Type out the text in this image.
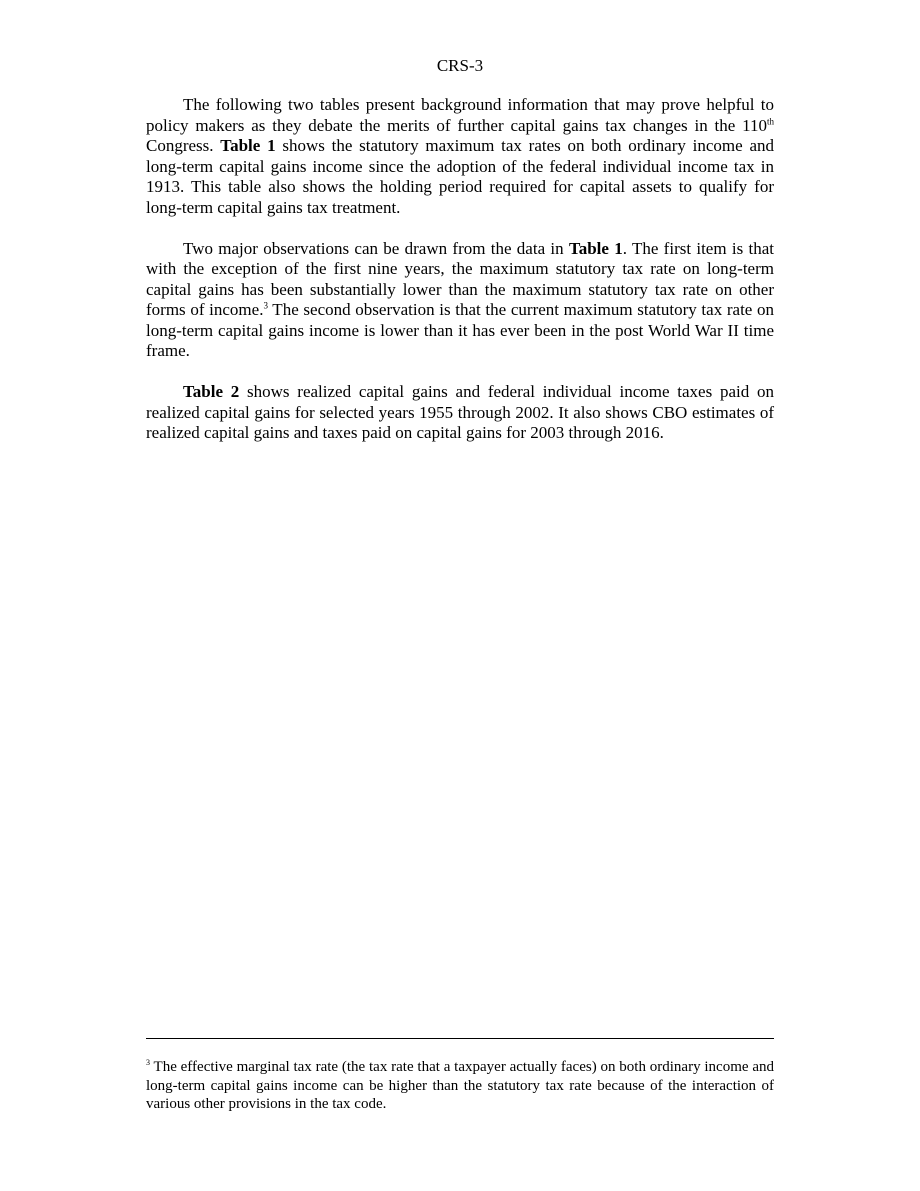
CRS-3

The following two tables present background information that may prove helpful to policy makers as they debate the merits of further capital gains tax changes in the 110th Congress. Table 1 shows the statutory maximum tax rates on both ordinary income and long-term capital gains income since the adoption of the federal individual income tax in 1913. This table also shows the holding period required for capital assets to qualify for long-term capital gains tax treatment.

Two major observations can be drawn from the data in Table 1. The first item is that with the exception of the first nine years, the maximum statutory tax rate on long-term capital gains has been substantially lower than the maximum statutory tax rate on other forms of income.$^3$ The second observation is that the current maximum statutory tax rate on long-term capital gains income is lower than it has ever been in the post World War II time frame.

Table 2 shows realized capital gains and federal individual income taxes paid on realized capital gains for selected years 1955 through 2002. It also shows CBO estimates of realized capital gains and taxes paid on capital gains for 2003 through 2016.

$^3$ The effective marginal tax rate (the tax rate that a taxpayer actually faces) on both ordinary income and long-term capital gains income can be higher than the statutory tax rate because of the interaction of various other provisions in the tax code.
